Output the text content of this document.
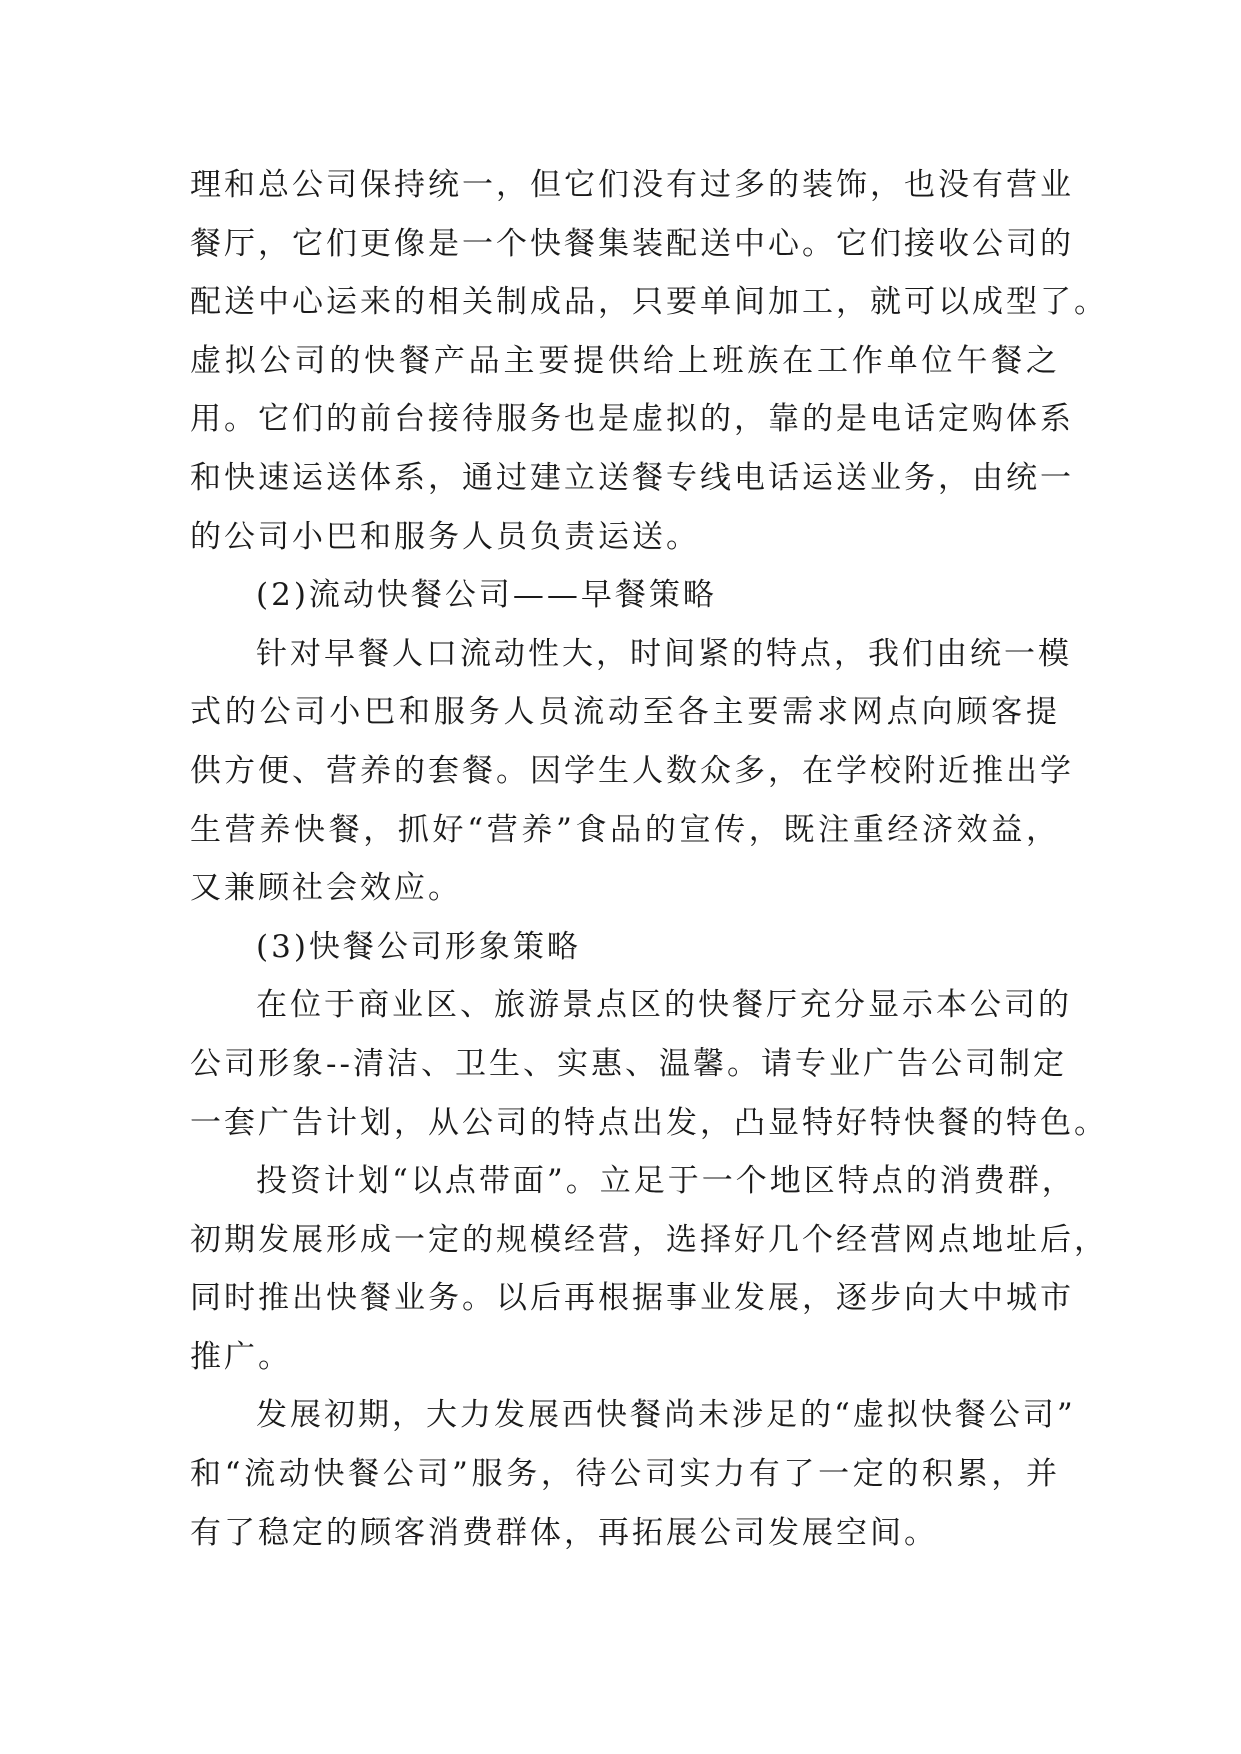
理和总公司保持统一，但它们没有过多的装饰，也没有营业
餐厅，它们更像是一个快餐集装配送中心。它们接收公司的
配送中心运来的相关制成品，只要单间加工，就可以成型了。
虚拟公司的快餐产品主要提供给上班族在工作单位午餐之
用。它们的前台接待服务也是虚拟的，靠的是电话定购体系
和快速运送体系，通过建立送餐专线电话运送业务，由统一
的公司小巴和服务人员负责运送。
(2)流动快餐公司——早餐策略
针对早餐人口流动性大，时间紧的特点，我们由统一模
式的公司小巴和服务人员流动至各主要需求网点向顾客提
供方便、营养的套餐。因学生人数众多，在学校附近推出学
生营养快餐，抓好“营养”食品的宣传，既注重经济效益，
又兼顾社会效应。
(3)快餐公司形象策略
在位于商业区、旅游景点区的快餐厅充分显示本公司的
公司形象--清洁、卫生、实惠、温馨。请专业广告公司制定
一套广告计划，从公司的特点出发，凸显特好特快餐的特色。
投资计划“以点带面”。立足于一个地区特点的消费群，
初期发展形成一定的规模经营，选择好几个经营网点地址后，
同时推出快餐业务。以后再根据事业发展，逐步向大中城市
推广。
发展初期，大力发展西快餐尚未涉足的“虚拟快餐公司”
和“流动快餐公司”服务，待公司实力有了一定的积累，并
有了稳定的顾客消费群体，再拓展公司发展空间。
